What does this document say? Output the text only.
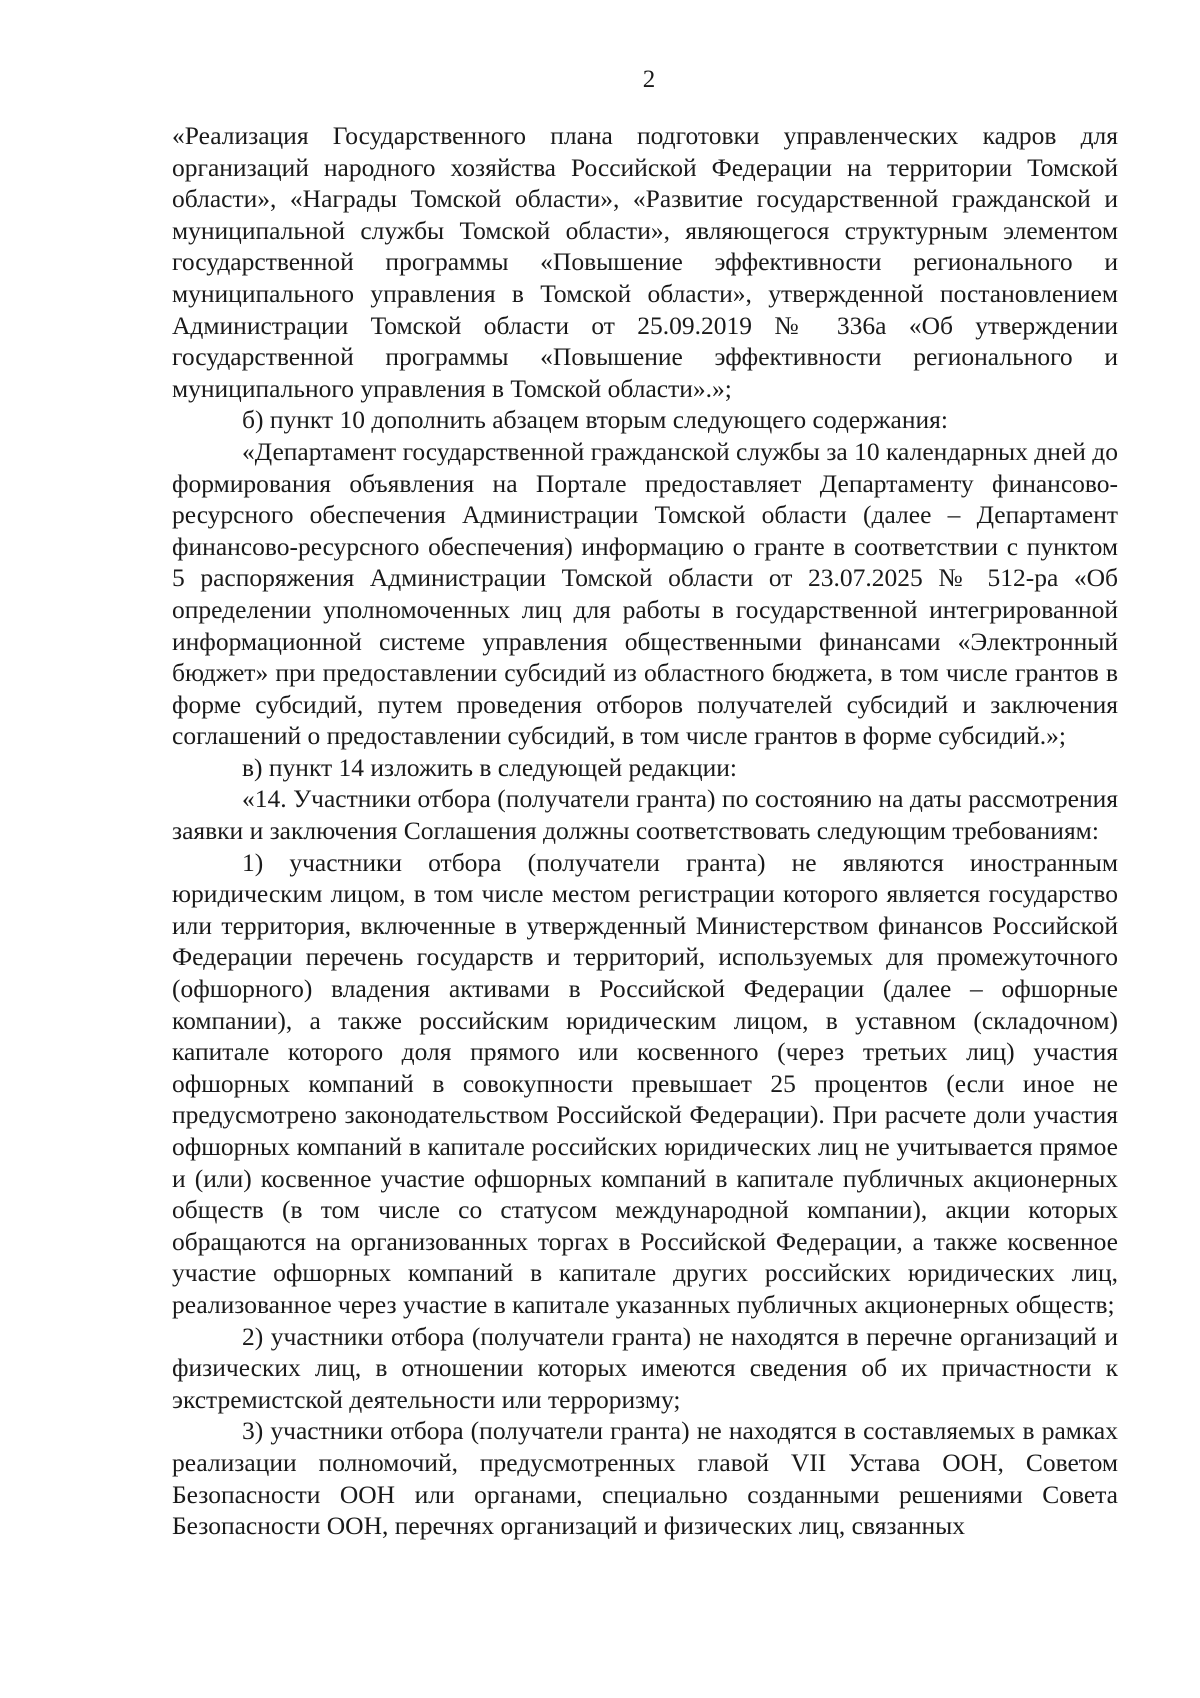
2

«Реализация Государственного плана подготовки управленческих кадров для организаций народного хозяйства Российской Федерации на территории Томской области», «Награды Томской области», «Развитие государственной гражданской и муниципальной службы Томской области», являющегося структурным элементом государственной программы «Повышение эффективности регионального и муниципального управления в Томской области», утвержденной постановлением Администрации Томской области от 25.09.2019 № 336а «Об утверждении государственной программы «Повышение эффективности регионального и муниципального управления в Томской области».»;

б) пункт 10 дополнить абзацем вторым следующего содержания:

«Департамент государственной гражданской службы за 10 календарных дней до формирования объявления на Портале предоставляет Департаменту финансово-ресурсного обеспечения Администрации Томской области (далее – Департамент финансово-ресурсного обеспечения) информацию о гранте в соответствии с пунктом 5 распоряжения Администрации Томской области от 23.07.2025 № 512-ра «Об определении уполномоченных лиц для работы в государственной интегрированной информационной системе управления общественными финансами «Электронный бюджет» при предоставлении субсидий из областного бюджета, в том числе грантов в форме субсидий, путем проведения отборов получателей субсидий и заключения соглашений о предоставлении субсидий, в том числе грантов в форме субсидий.»;

в) пункт 14 изложить в следующей редакции:

«14. Участники отбора (получатели гранта) по состоянию на даты рассмотрения заявки и заключения Соглашения должны соответствовать следующим требованиям:

1) участники отбора (получатели гранта) не являются иностранным юридическим лицом, в том числе местом регистрации которого является государство или территория, включенные в утвержденный Министерством финансов Российской Федерации перечень государств и территорий, используемых для промежуточного (офшорного) владения активами в Российской Федерации (далее – офшорные компании), а также российским юридическим лицом, в уставном (складочном) капитале которого доля прямого или косвенного (через третьих лиц) участия офшорных компаний в совокупности превышает 25 процентов (если иное не предусмотрено законодательством Российской Федерации). При расчете доли участия офшорных компаний в капитале российских юридических лиц не учитывается прямое и (или) косвенное участие офшорных компаний в капитале публичных акционерных обществ (в том числе со статусом международной компании), акции которых обращаются на организованных торгах в Российской Федерации, а также косвенное участие офшорных компаний в капитале других российских юридических лиц, реализованное через участие в капитале указанных публичных акционерных обществ;

2) участники отбора (получатели гранта) не находятся в перечне организаций и физических лиц, в отношении которых имеются сведения об их причастности к экстремистской деятельности или терроризму;

3) участники отбора (получатели гранта) не находятся в составляемых в рамках реализации полномочий, предусмотренных главой VII Устава ООН, Советом Безопасности ООН или органами, специально созданными решениями Совета Безопасности ООН, перечнях организаций и физических лиц, связанных
